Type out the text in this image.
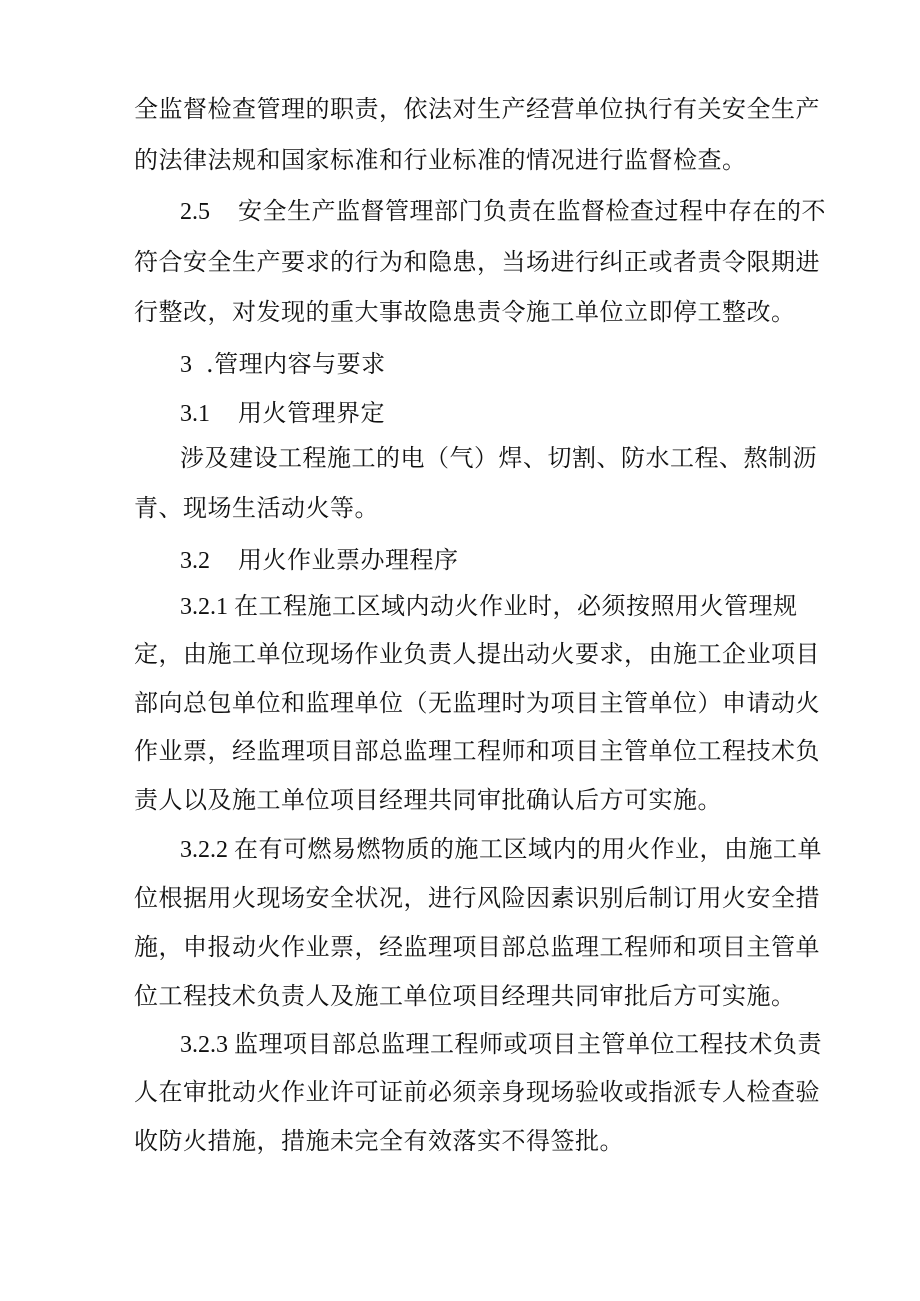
全监督检查管理的职责，依法对生产经营单位执行有关安全生产
的法律法规和国家标准和行业标准的情况进行监督检查。
2.5 安全生产监督管理部门负责在监督检查过程中存在的不
符合安全生产要求的行为和隐患，当场进行纠正或者责令限期进
行整改，对发现的重大事故隐患责令施工单位立即停工整改。
3 .管理内容与要求
3.1 用火管理界定
涉及建设工程施工的电（气）焊、切割、防水工程、熬制沥
青、现场生活动火等。
3.2 用火作业票办理程序
3.2.1 在工程施工区域内动火作业时，必须按照用火管理规
定，由施工单位现场作业负责人提出动火要求，由施工企业项目
部向总包单位和监理单位（无监理时为项目主管单位）申请动火
作业票，经监理项目部总监理工程师和项目主管单位工程技术负
责人以及施工单位项目经理共同审批确认后方可实施。
3.2.2 在有可燃易燃物质的施工区域内的用火作业，由施工单
位根据用火现场安全状况，进行风险因素识别后制订用火安全措
施，申报动火作业票，经监理项目部总监理工程师和项目主管单
位工程技术负责人及施工单位项目经理共同审批后方可实施。
3.2.3 监理项目部总监理工程师或项目主管单位工程技术负责
人在审批动火作业许可证前必须亲身现场验收或指派专人检查验
收防火措施，措施未完全有效落实不得签批。
